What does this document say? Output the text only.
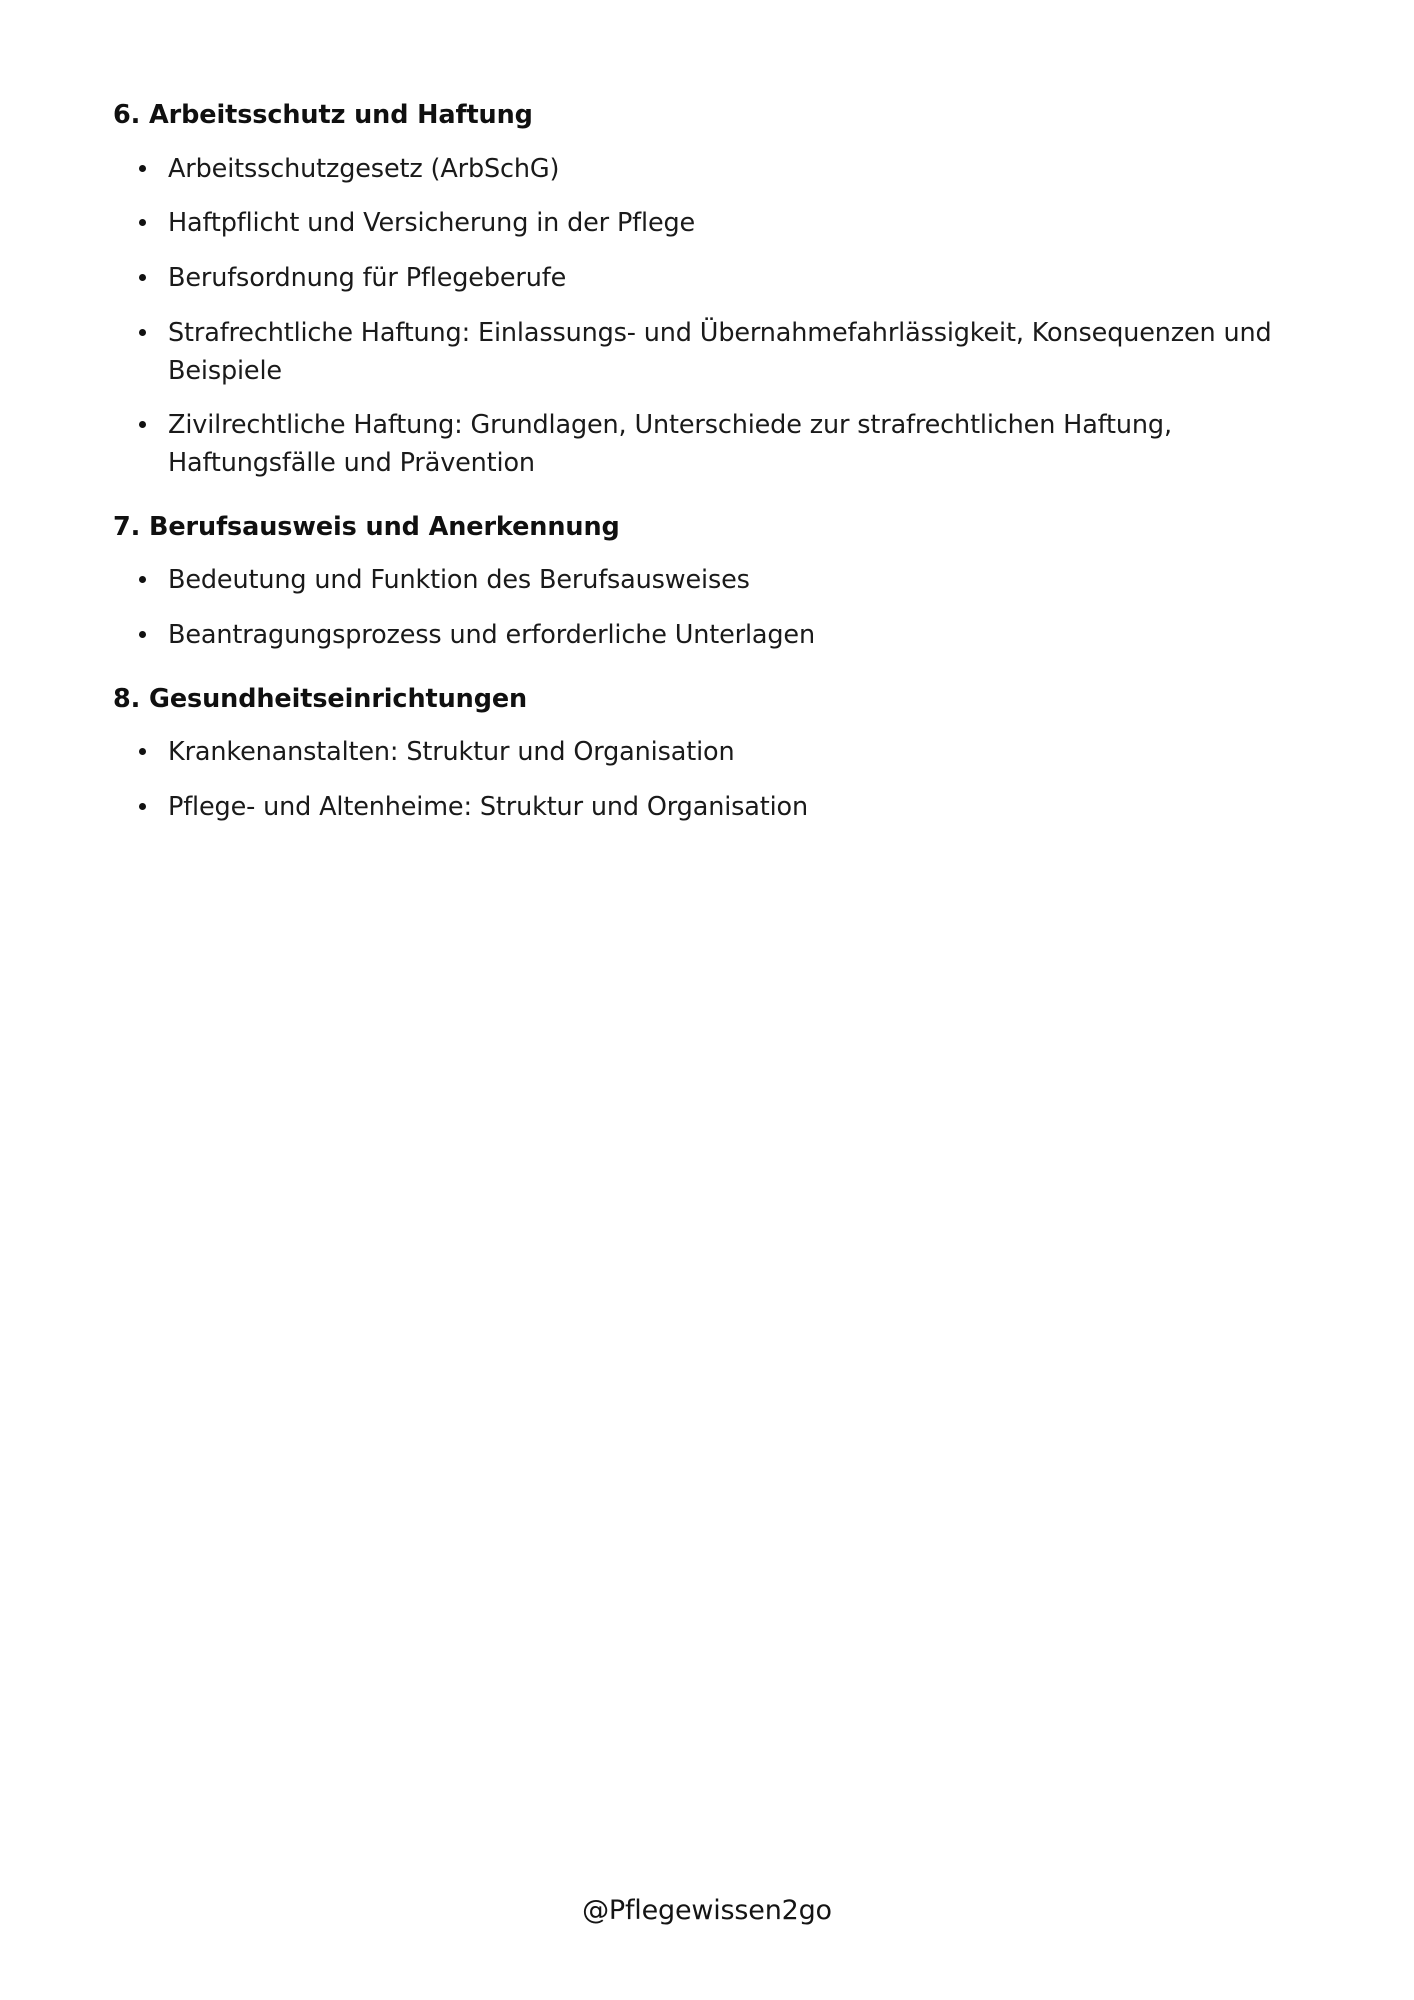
6. Arbeitsschutz und Haftung
Arbeitsschutzgesetz (ArbSchG)
Haftpflicht und Versicherung in der Pflege
Berufsordnung für Pflegeberufe
Strafrechtliche Haftung: Einlassungs- und Übernahmefahrlässigkeit, Konsequenzen und Beispiele
Zivilrechtliche Haftung: Grundlagen, Unterschiede zur strafrechtlichen Haftung, Haftungsfälle und Prävention
7. Berufsausweis und Anerkennung
Bedeutung und Funktion des Berufsausweises
Beantragungsprozess und erforderliche Unterlagen
8. Gesundheitseinrichtungen
Krankenanstalten: Struktur und Organisation
Pflege- und Altenheime: Struktur und Organisation
@Pflegewissen2go
